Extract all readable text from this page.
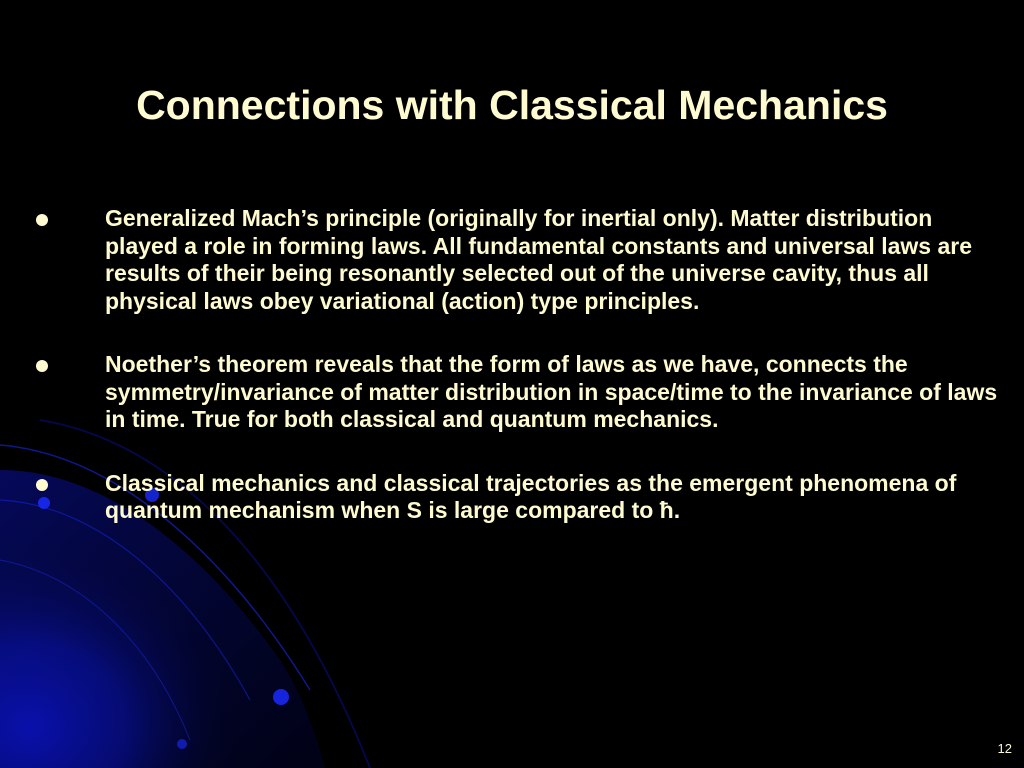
Connections with Classical Mechanics
Generalized Mach’s principle (originally for inertial only). Matter distribution played a role in forming laws. All fundamental constants and universal laws are results of their being resonantly selected out of the universe cavity, thus all physical laws obey variational (action) type principles.
Noether’s theorem reveals that the form of laws as we have, connects the symmetry/invariance of matter distribution in space/time to the invariance of laws in time. True for both classical and quantum mechanics.
Classical mechanics and classical trajectories as the emergent phenomena of quantum mechanism when S is large compared to ħ.
12
